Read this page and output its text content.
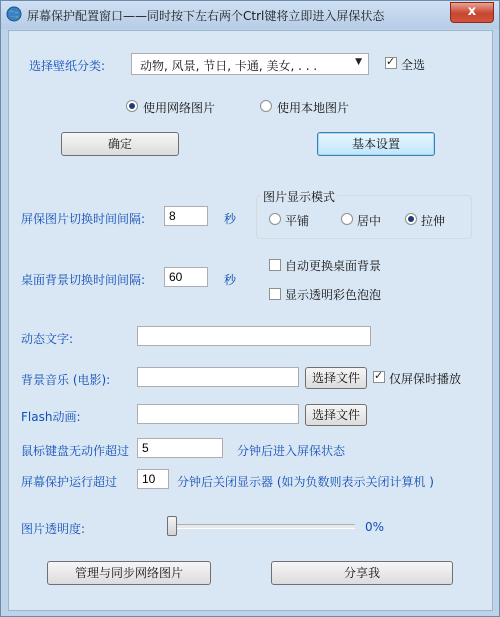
屏幕保护配置窗口——同时按下左右两个Ctrl键将立即进入屏保状态	x
选择壁纸分类:	动物, 风景, 节日, 卡通, 美女, . . .	▼ ✓	全选
使用网络图片	使用本地图片
确定	基本设置
屏保图片切换时间间隔:
8	秒
图片显示模式
平铺	居中	拉伸
桌面背景切换时间间隔:
60	秒
自动更换桌面背景
显示透明彩色泡泡
动态文字:
背景音乐 (电影):	选择文件 ✓	仅屏保时播放
Flash动画:	选择文件
鼠标键盘无动作超过
5	分钟后进入屏保状态
屏幕保护运行超过
10	分钟后关闭显示器 (如为负数则表示关闭计算机 )
图片透明度:	0%
管理与同步网络图片	分享我
